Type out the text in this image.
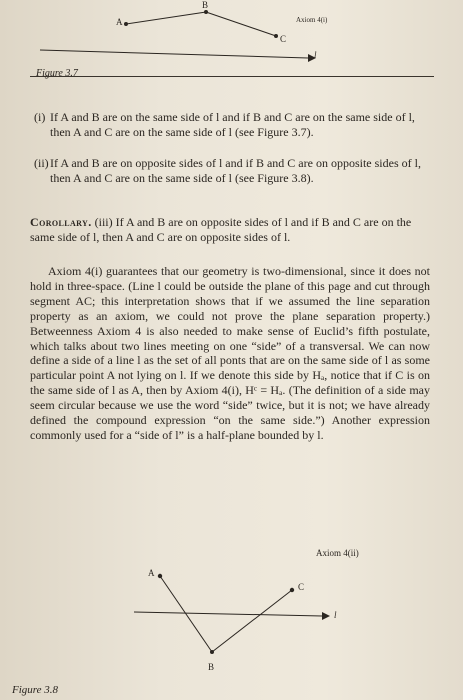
A
B
C
l
Axiom 4(i)
Figure 3.7
(i) If A and B are on the same side of l and if B and C are on the same side of l, then A and C are on the same side of l (see Figure 3.7).
(ii) If A and B are on opposite sides of l and if B and C are on opposite sides of l, then A and C are on the same side of l (see Figure 3.8).
Corollary. (iii) If A and B are on opposite sides of l and if B and C are on the same side of l, then A and C are on opposite sides of l.
Axiom 4(i) guarantees that our geometry is two-dimensional, since it does not hold in three-space. (Line l could be outside the plane of this page and cut through segment AC; this interpretation shows that if we assumed the line separation property as an axiom, we could not prove the plane separation property.) Betweenness Axiom 4 is also needed to make sense of Euclid’s fifth postulate, which talks about two lines meeting on one “side” of a transversal. We can now define a side of a line l as the set of all ponts that are on the same side of l as some particular point A not lying on l. If we denote this side by Hₐ, notice that if C is on the same side of l as A, then by Axiom 4(i), Hᶜ = Hₐ. (The definition of a side may seem circular because we use the word “side” twice, but it is not; we have already defined the compound expression “on the same side.”) Another expression commonly used for a “side of l” is a half-plane bounded by l.
A
B
C
l
Axiom 4(ii)
Figure 3.8
